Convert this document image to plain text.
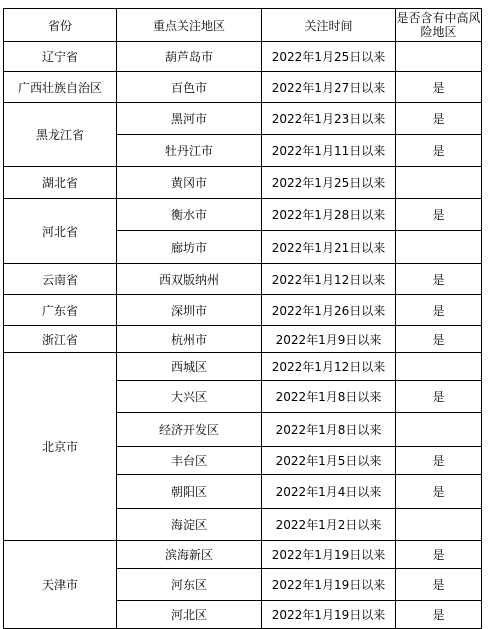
省份	重点关注地区	关注时间	是否含有中高风险地区
辽宁省	葫芦岛市	2022年1月25日以来	
广西壮族自治区	百色市	2022年1月27日以来	是
黑龙江省	黑河市	2022年1月23日以来	是
	牡丹江市	2022年1月11日以来	是
湖北省	黄冈市	2022年1月25日以来	
河北省	衡水市	2022年1月28日以来	是
	廊坊市	2022年1月21日以来	
云南省	西双版纳州	2022年1月12日以来	是
广东省	深圳市	2022年1月26日以来	是
浙江省	杭州市	2022年1月9日以来	是
北京市	西城区	2022年1月12日以来	
	大兴区	2022年1月8日以来	是
	经济开发区	2022年1月8日以来	
	丰台区	2022年1月5日以来	是
	朝阳区	2022年1月4日以来	是
	海淀区	2022年1月2日以来	
天津市	滨海新区	2022年1月19日以来	是
	河东区	2022年1月19日以来	是
	河北区	2022年1月19日以来	是
